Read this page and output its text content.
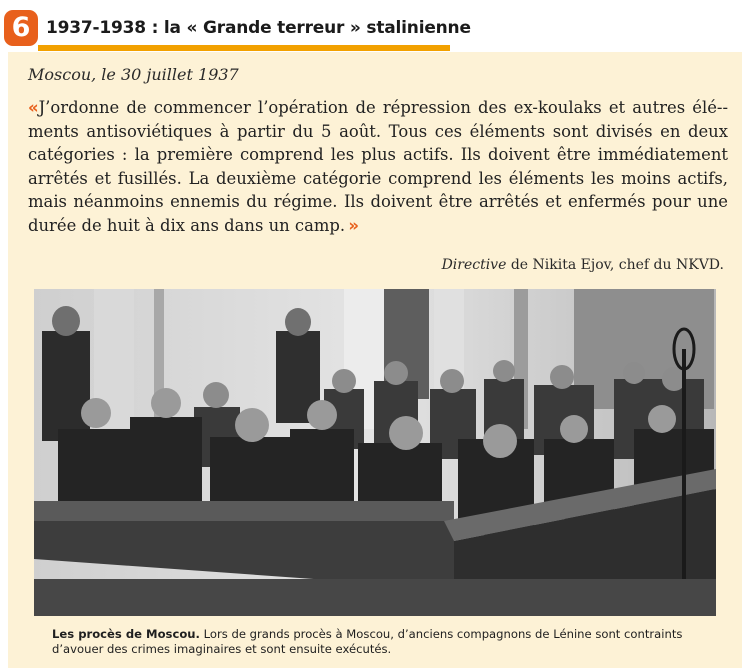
6 1937-1938 : la « Grande terreur » stalinienne
Moscou, le 30 juillet 1937

«J’ordonne de commencer l’opération de répression des ex-koulaks et autres élé-ments antisoviétiques à partir du 5 août. Tous ces éléments sont divisés en deux catégories : la première comprend les plus actifs. Ils doivent être immédiatement arrêtés et fusillés. La deuxième catégorie comprend les éléments les moins actifs, mais néanmoins ennemis du régime. Ils doivent être arrêtés et enfermés pour une durée de huit à dix ans dans un camp.  »

Directive de Nikita Ejov, chef du NKVD.

Les procès de Moscou. Lors de grands procès à Moscou, d’anciens compagnons de Lénine sont contraints d’avouer des crimes imaginaires et sont ensuite exécutés.
